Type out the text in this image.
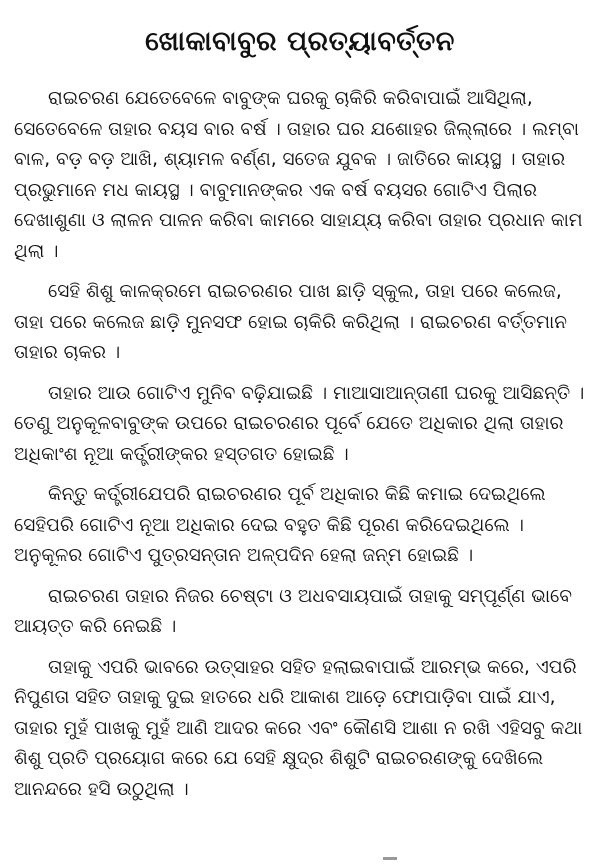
ଖୋକାବାବୁର ପ୍ରତ୍ୟାବର୍ତ୍ତନ

ରାଇଚରଣ ଯେତେବେଳେ ବାବୁଙ୍କ ଘରକୁ ଚାକିରି କରିବାପାଇଁ ଆସିଥିଲା, ସେତେବେଳେ ତାହାର ବୟସ ବାର ବର୍ଷ । ତାହାର ଘର ଯଶୋହର ଜିଲ୍ଲାରେ । ଲମ୍ବା ବାଳ, ବଡ଼ ବଡ଼ ଆଖି, ଶ୍ୟାମଳ ବର୍ଣ୍ଣ, ସତେଜ ଯୁବକ । ଜାତିରେ କାୟସ୍ଥ । ତାହାର ପ୍ରଭୁମାନେ ମଧ କାୟସ୍ଥ । ବାବୁମାନଙ୍କର ଏକ ବର୍ଷ ବୟସର ଗୋଟିଏ ପିଲାର ଦେଖାଶୁଣା ଓ ଲାଳନ ପାଳନ କରିବା କାମରେ ସାହାଯ୍ୟ କରିବା ତାହାର ପ୍ରଧାନ କାମ ଥିଲା ।

ସେହି ଶିଶୁ କାଳକ୍ରମେ ରାଇଚରଣର ପାଖ ଛାଡ଼ି ସ୍କୁଲ, ତାହା ପରେ କଲେଜ, ତାହା ପରେ କଲେଜ ଛାଡ଼ି ମୁନସଫ ହୋଇ ଚାକିରି କରିଥିଲା । ରାଇଚରଣ ବର୍ତ୍ତମାନ ତାହାର ଚାକର ।

ତାହାର ଆଉ ଗୋଟିଏ ମୁନିବ ବଢ଼ିଯାଇଛି । ମାଆସାଆନ୍ତାଣୀ ଘରକୁ ଆସିଛନ୍ତି । ତେଣୁ ଅନୁକୂଳବାବୁଙ୍କ ଉପରେ ରାଇଚରଣର ପୂର୍ବେ ଯେତେ ଅଧିକାର ଥିଲା ତାହାର ଅଧିକାଂଶ ନୂଆ କର୍ତ୍ତ୍ରୀଙ୍କର ହସ୍ତଗତ ହୋଇଛି ।

କିନ୍ତୁ କର୍ତ୍ତ୍ରୀଯେପରି ରାଇଚରଣର ପୂର୍ବ ଅଧିକାର କିଛି କମାଇ ଦେଇଥିଲେ ସେହିପରି ଗୋଟିଏ ନୂଆ ଅଧିକାର ଦେଇ ବହୁତ କିଛି ପୂରଣ କରିଦେଇଥିଲେ । ଅନୁକୂଳର ଗୋଟିଏ ପୁତ୍ରସନ୍ତାନ ଅଳ୍ପଦିନ ହେଲା ଜନ୍ମ ହୋଇଛି ।

ରାଇଚରଣ ତାହାର ନିଜର ଚେଷ୍ଟା ଓ ଅଧବସାୟପାଇଁ ତାହାକୁ ସମ୍ପୂର୍ଣ୍ଣ ଭାବେ ଆୟତ୍ତ କରି ନେଇଛି ।

ତାହାକୁ ଏପରି ଭାବରେ ଉତ୍ସାହର ସହିତ ହଲାଇବାପାଇଁ ଆରମ୍ଭ କରେ, ଏପରି ନିପୁଣତା ସହିତ ତାହାକୁ ଦୁଇ ହାତରେ ଧରି ଆକାଶ ଆଡ଼େ ଫୋପାଡ଼ିବା ପାଇଁ ଯାଏ, ତାହାର ମୁହଁ ପାଖକୁ ମୁହଁ ଆଣି ଆଦର କରେ ଏବଂ କୌଣସି ଆଶା ନ ରଖି ଏହିସବୁ କଥା ଶିଶୁ ପ୍ରତି ପ୍ରୟୋଗ କରେ ଯେ ସେହି କ୍ଷୁଦ୍ର ଶିଶୁଟି ରାଇଚରଣଙ୍କୁ ଦେଖିଲେ ଆନନ୍ଦରେ ହସି ଉଠୁଥିଲା ।
